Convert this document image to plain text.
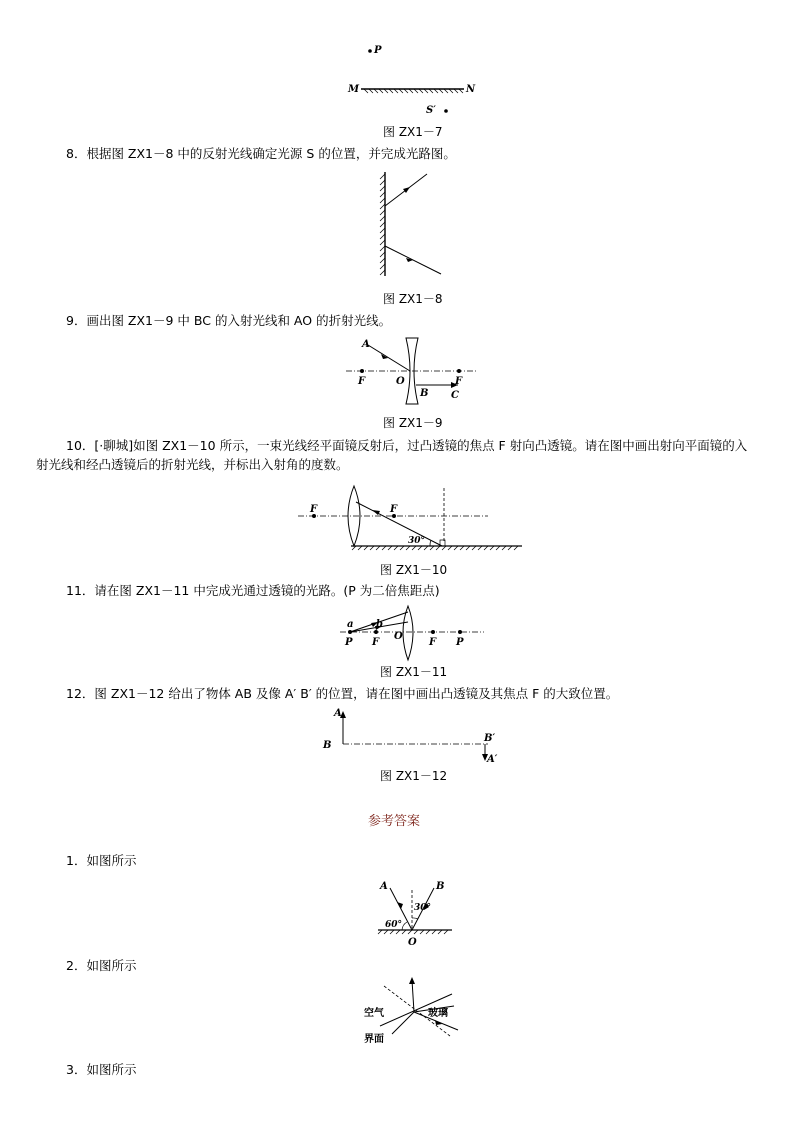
P
M	N
S′
图 ZX1－7
8．根据图 ZX1－8 中的反射光线确定光源 S 的位置，并完成光路图。
图 ZX1－8
9．画出图 ZX1－9 中 BC 的入射光线和 AO 的折射光线。
A
F	O
B
F
C
图 ZX1－9
10．[·聊城]如图 ZX1－10 所示，一束光线经平面镜反射后，过凸透镜的焦点 F 射向凸透镜。请在图中画出射向平面镜的入射光线和经凸透镜后的折射光线，并标出入射角的度数。
F	F
30°
图 ZX1－10
11．请在图 ZX1－11 中完成光通过透镜的光路。(P 为二倍焦距点)
a b
P F
O
F P
图 ZX1－11
12．图 ZX1－12 给出了物体 AB 及像 A′ B′ 的位置，请在图中画出凸透镜及其焦点 F 的大致位置。
A
B
B′
A′
图 ZX1－12
参考答案
1．如图所示
A	B
60°
30°
O
2．如图所示
空气	玻璃
界面
3．如图所示
